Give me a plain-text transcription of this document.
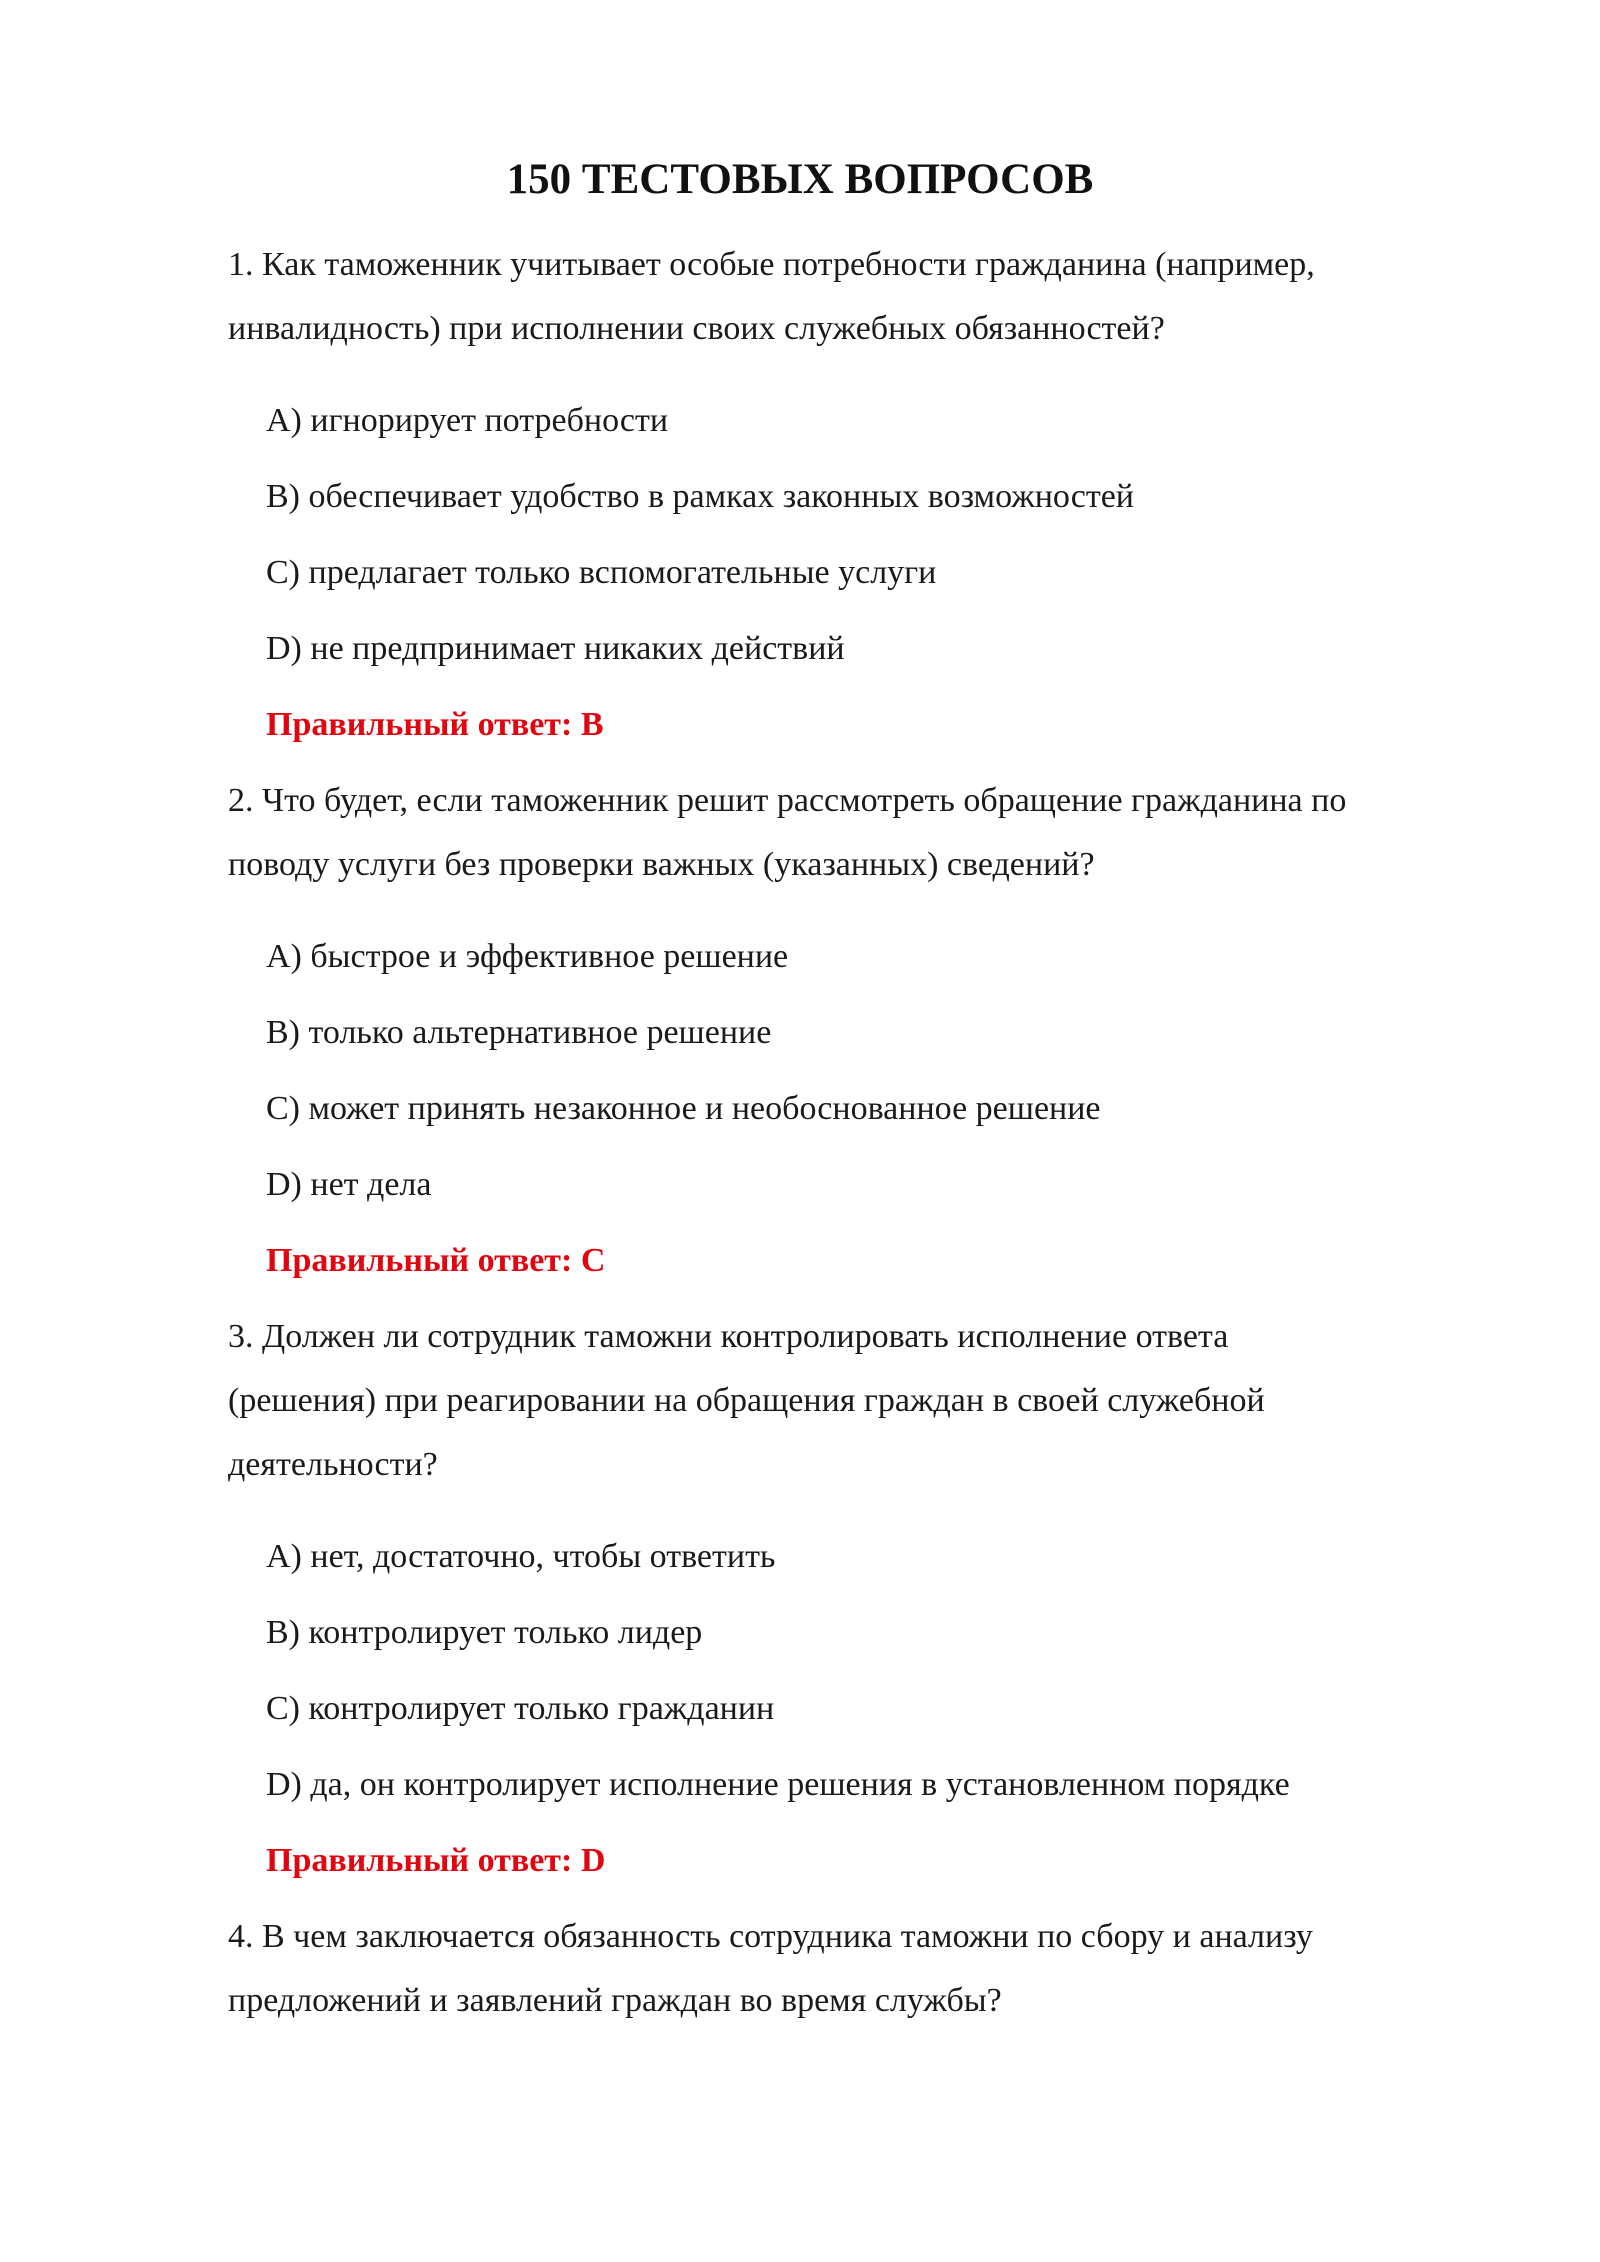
150 ТЕСТОВЫХ ВОПРОСОВ
1. Как таможенник учитывает особые потребности гражданина (например,
инвалидность) при исполнении своих служебных обязанностей?
A) игнорирует потребности
B) обеспечивает удобство в рамках законных возможностей
C) предлагает только вспомогательные услуги
D) не предпринимает никаких действий
Правильный ответ: B
2. Что будет, если таможенник решит рассмотреть обращение гражданина по
поводу услуги без проверки важных (указанных) сведений?
A) быстрое и эффективное решение
B) только альтернативное решение
C) может принять незаконное и необоснованное решение
D) нет дела
Правильный ответ: C
3. Должен ли сотрудник таможни контролировать исполнение ответа
(решения) при реагировании на обращения граждан в своей служебной
деятельности?
A) нет, достаточно, чтобы ответить
B) контролирует только лидер
C) контролирует только гражданин
D) да, он контролирует исполнение решения в установленном порядке
Правильный ответ: D
4. В чем заключается обязанность сотрудника таможни по сбору и анализу
предложений и заявлений граждан во время службы?
